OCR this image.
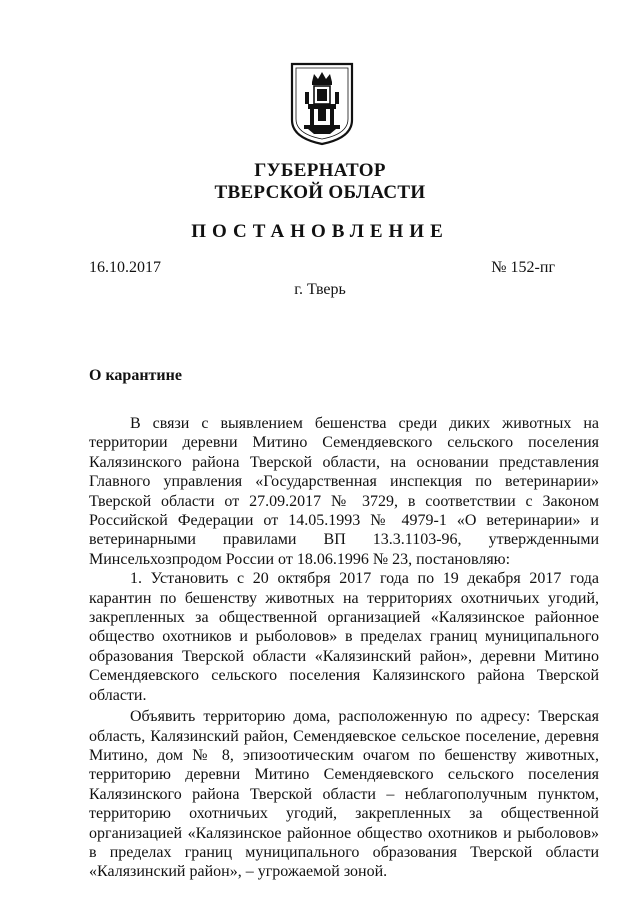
ГУБЕРНАТОР
ТВЕРСКОЙ ОБЛАСТИ
ПОСТАНОВЛЕНИЕ
16.10.2017	№ 152-пг
г. Тверь
О карантине

В связи с выявлением бешенства среди диких животных на территории деревни Митино Семендяевского сельского поселения Калязинского района Тверской области, на основании представления Главного управления «Государственная инспекция по ветеринарии» Тверской области от 27.09.2017 № 3729, в соответствии с Законом Российской Федерации от 14.05.1993 № 4979-1 «О ветеринарии» и ветеринарными правилами ВП 13.3.1103-96, утвержденными Минсельхозпродом России от 18.06.1996 № 23, постановляю:

1. Установить с 20 октября 2017 года по 19 декабря 2017 года карантин по бешенству животных на территориях охотничьих угодий, закрепленных за общественной организацией «Калязинское районное общество охотников и рыболовов» в пределах границ муниципального образования Тверской области «Калязинский район», деревни Митино Семендяевского сельского поселения Калязинского района Тверской области.

Объявить территорию дома, расположенную по адресу: Тверская область, Калязинский район, Семендяевское сельское поселение, деревня Митино, дом № 8, эпизоотическим очагом по бешенству животных, территорию деревни Митино Семендяевского сельского поселения Калязинского района Тверской области – неблагополучным пунктом, территорию охотничьих угодий, закрепленных за общественной организацией «Калязинское районное общество охотников и рыболовов» в пределах границ муниципального образования Тверской области «Калязинский район», – угрожаемой зоной.
